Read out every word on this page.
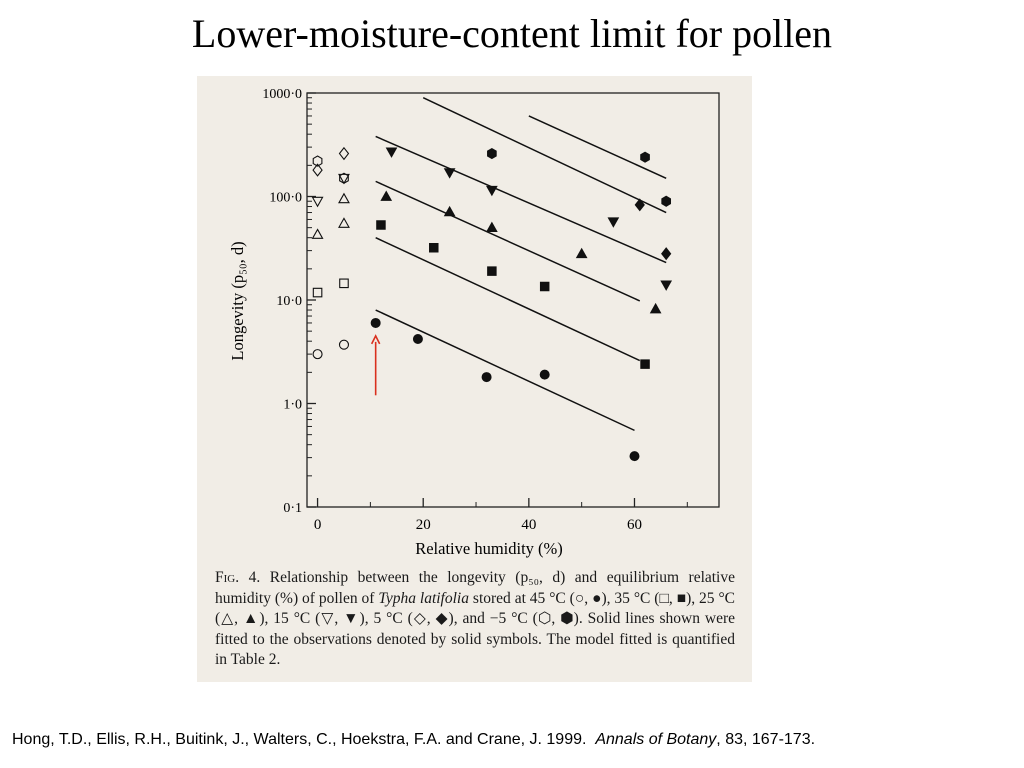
Lower-moisture-content limit for pollen
0·1
1·0
10·0
100·0
1000·0
0	20	40	60
Relative humidity (%)
Longevity (p₅₀, d)
Fig. 4. Relationship between the longevity (p₅₀, d) and equilibrium relative humidity (%) of pollen of Typha latifolia stored at 45 °C (○, ●), 35 °C (□, ■), 25 °C (△, ▲), 15 °C (▽, ▼), 5 °C (◇, ◆), and −5 °C (⬡, ⬢). Solid lines shown were fitted to the observations denoted by solid symbols. The model fitted is quantified in Table 2.
Hong, T.D., Ellis, R.H., Buitink, J., Walters, C., Hoekstra, F.A. and Crane, J. 1999. Annals of Botany, 83, 167-173.
